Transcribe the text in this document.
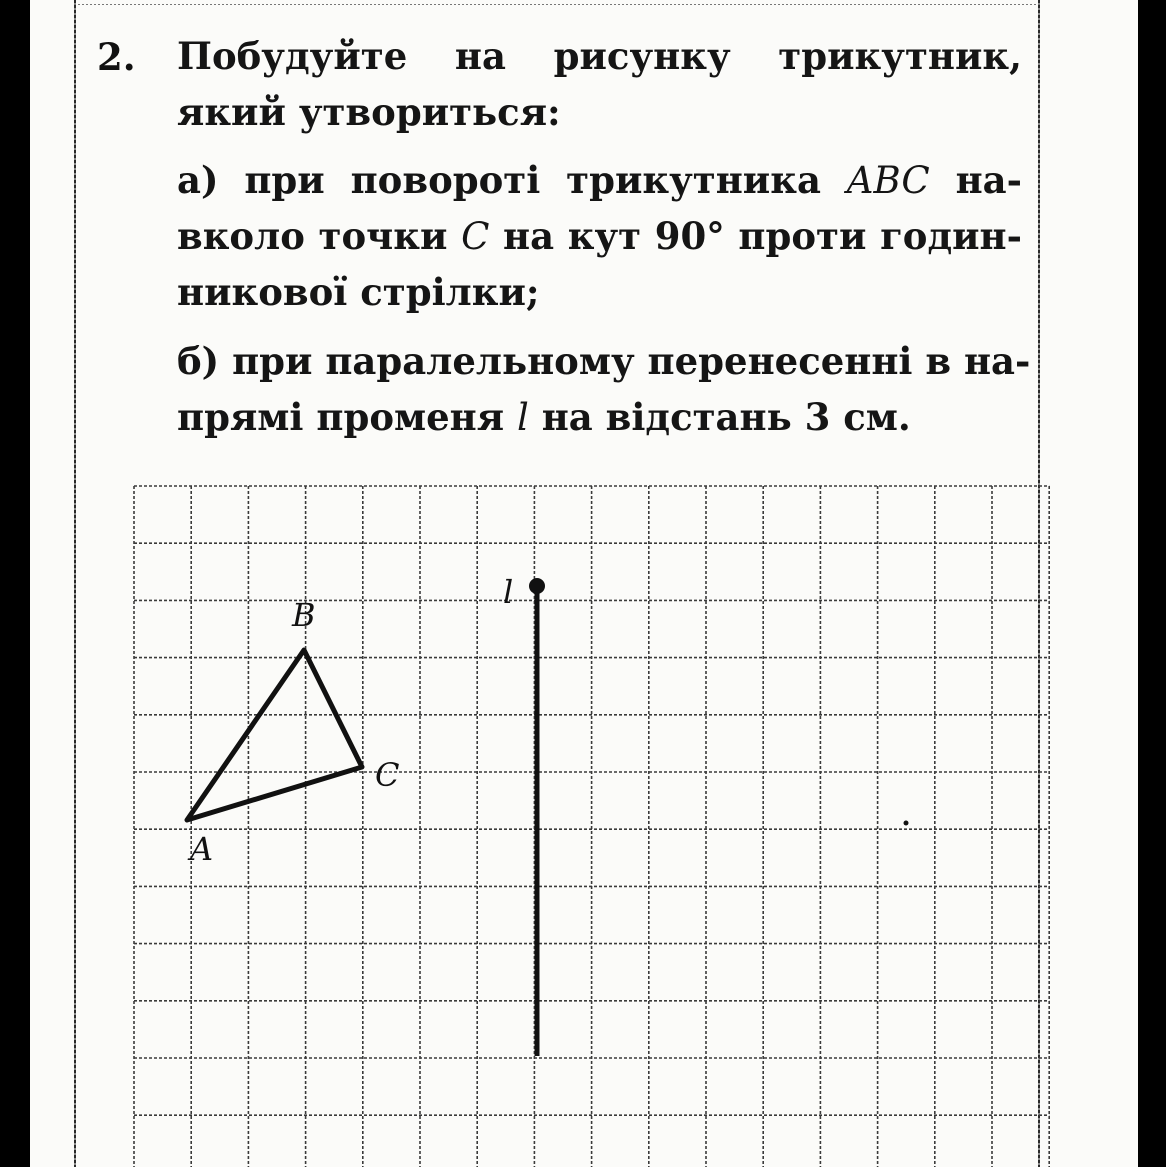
2. Побудуйте на рисунку трикутник,

який утвориться:

а) при повороті трикутника ABC на-

вколо точки C на кут 90° проти годин-

никової стрілки;

б) при паралельному перенесенні в на-

прямі променя l на відстань 3 см.

A
B
C
l
